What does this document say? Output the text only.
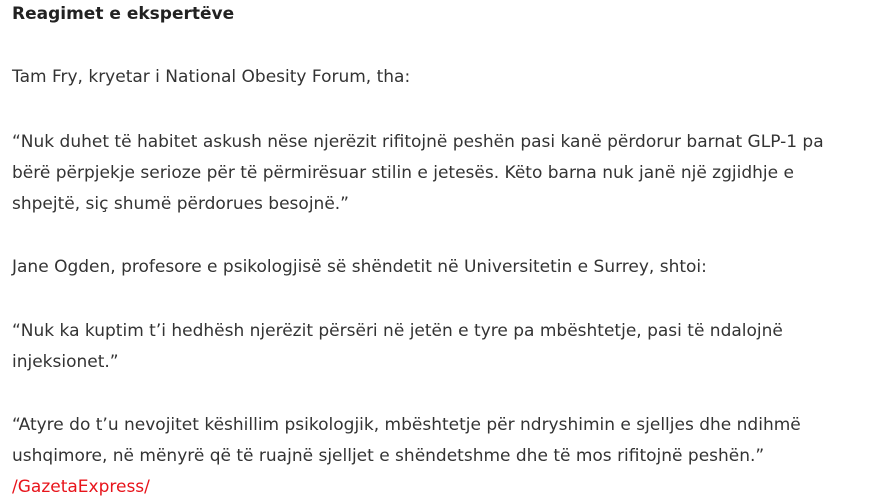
Reagimet e ekspertëve

Tam Fry, kryetar i National Obesity Forum, tha:

“Nuk duhet të habitet askush nëse njerëzit rifitojnë peshën pasi kanë përdorur barnat GLP-1 pa bërë përpjekje serioze për të përmirësuar stilin e jetesës. Këto barna nuk janë një zgjidhje e shpejtë, siç shumë përdorues besojnë.”

Jane Ogden, profesore e psikologjisë së shëndetit në Universitetin e Surrey, shtoi:

“Nuk ka kuptim t’i hedhësh njerëzit përsëri në jetën e tyre pa mbështetje, pasi të ndalojnë injeksionet.”

“Atyre do t’u nevojitet këshillim psikologjik, mbështetje për ndryshimin e sjelljes dhe ndihmë ushqimore, në mënyrë që të ruajnë sjelljet e shëndetshme dhe të mos rifitojnë peshën.”
/GazetaExpress/
